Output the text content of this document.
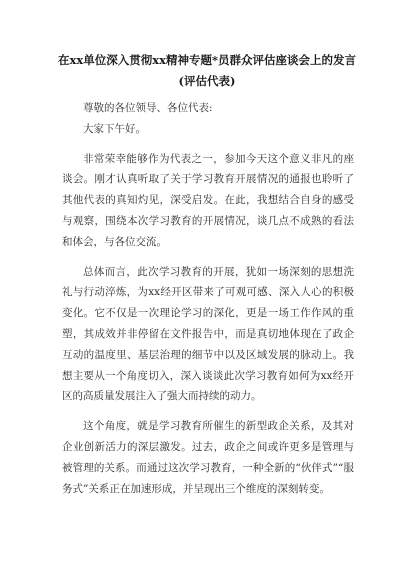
在xx单位深入贯彻xx精神专题*员群众评估座谈会上的发言(评估代表)

尊敬的各位领导、各位代表:

大家下午好。

非常荣幸能够作为代表之一，参加今天这个意义非凡的座谈会。刚才认真听取了关于学习教育开展情况的通报也聆听了其他代表的真知灼见，深受启发。在此，我想结合自身的感受与观察，围绕本次学习教育的开展情况，谈几点不成熟的看法和体会，与各位交流。

总体而言，此次学习教育的开展，犹如一场深刻的思想洗礼与行动淬炼，为xx经开区带来了可观可感、深入人心的积极变化。它不仅是一次理论学习的深化，更是一场工作作风的重塑，其成效并非停留在文件报告中，而是真切地体现在了政企互动的温度里、基层治理的细节中以及区域发展的脉动上。我想主要从一个角度切入，深入谈谈此次学习教育如何为xx经开区的高质量发展注入了强大而持续的动力。

这个角度，就是学习教育所催生的新型政企关系，及其对企业创新活力的深层激发。过去，政企之间或许更多是管理与被管理的关系。而通过这次学习教育，一种全新的“伙伴式”“服务式”关系正在加速形成，并呈现出三个维度的深刻转变。
